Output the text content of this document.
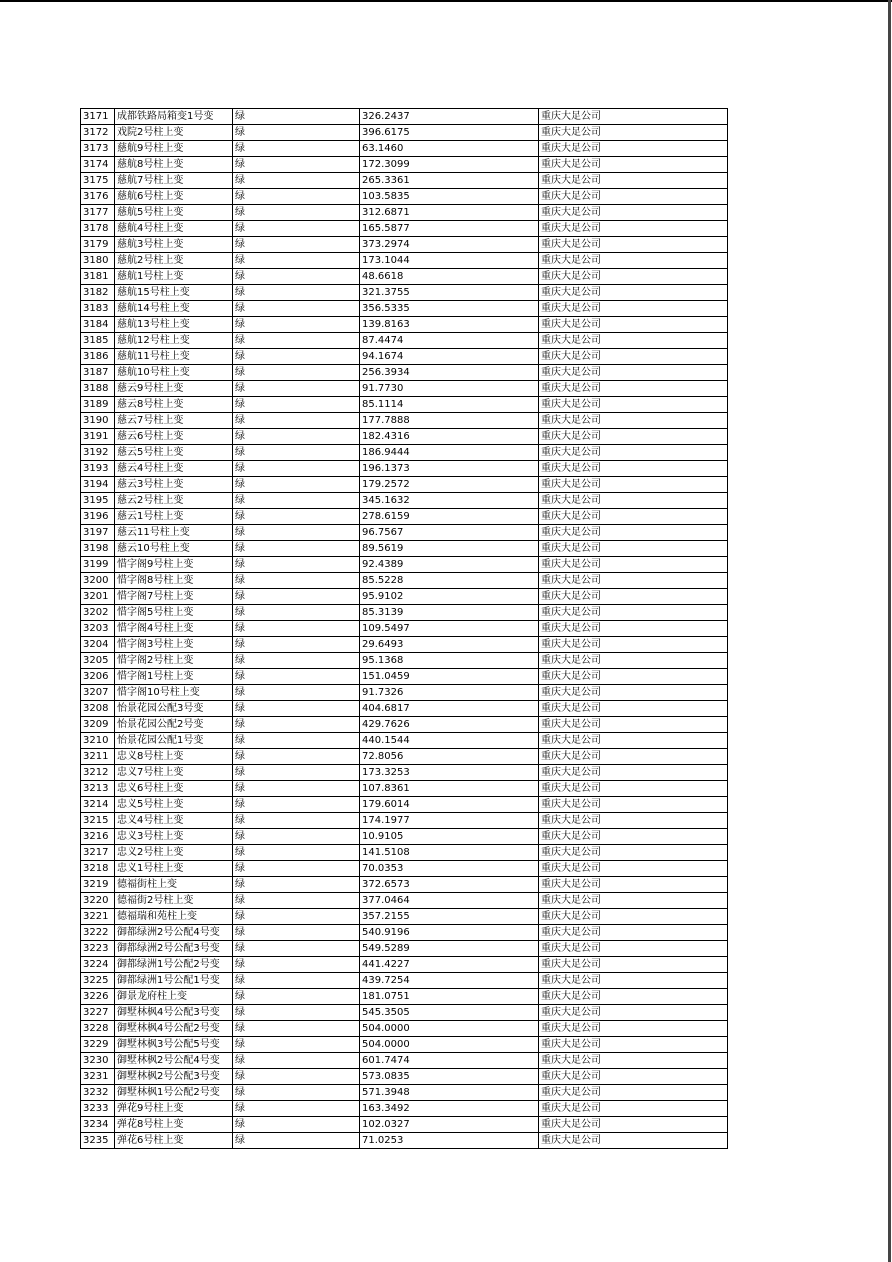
3171	成都铁路局箱变1号变	绿	326.2437	重庆大足公司
3172	戏院2号柱上变	绿	396.6175	重庆大足公司
3173	慈航9号柱上变	绿	63.1460	重庆大足公司
3174	慈航8号柱上变	绿	172.3099	重庆大足公司
3175	慈航7号柱上变	绿	265.3361	重庆大足公司
3176	慈航6号柱上变	绿	103.5835	重庆大足公司
3177	慈航5号柱上变	绿	312.6871	重庆大足公司
3178	慈航4号柱上变	绿	165.5877	重庆大足公司
3179	慈航3号柱上变	绿	373.2974	重庆大足公司
3180	慈航2号柱上变	绿	173.1044	重庆大足公司
3181	慈航1号柱上变	绿	48.6618	重庆大足公司
3182	慈航15号柱上变	绿	321.3755	重庆大足公司
3183	慈航14号柱上变	绿	356.5335	重庆大足公司
3184	慈航13号柱上变	绿	139.8163	重庆大足公司
3185	慈航12号柱上变	绿	87.4474	重庆大足公司
3186	慈航11号柱上变	绿	94.1674	重庆大足公司
3187	慈航10号柱上变	绿	256.3934	重庆大足公司
3188	慈云9号柱上变	绿	91.7730	重庆大足公司
3189	慈云8号柱上变	绿	85.1114	重庆大足公司
3190	慈云7号柱上变	绿	177.7888	重庆大足公司
3191	慈云6号柱上变	绿	182.4316	重庆大足公司
3192	慈云5号柱上变	绿	186.9444	重庆大足公司
3193	慈云4号柱上变	绿	196.1373	重庆大足公司
3194	慈云3号柱上变	绿	179.2572	重庆大足公司
3195	慈云2号柱上变	绿	345.1632	重庆大足公司
3196	慈云1号柱上变	绿	278.6159	重庆大足公司
3197	慈云11号柱上变	绿	96.7567	重庆大足公司
3198	慈云10号柱上变	绿	89.5619	重庆大足公司
3199	惜字阁9号柱上变	绿	92.4389	重庆大足公司
3200	惜字阁8号柱上变	绿	85.5228	重庆大足公司
3201	惜字阁7号柱上变	绿	95.9102	重庆大足公司
3202	惜字阁5号柱上变	绿	85.3139	重庆大足公司
3203	惜字阁4号柱上变	绿	109.5497	重庆大足公司
3204	惜字阁3号柱上变	绿	29.6493	重庆大足公司
3205	惜字阁2号柱上变	绿	95.1368	重庆大足公司
3206	惜字阁1号柱上变	绿	151.0459	重庆大足公司
3207	惜字阁10号柱上变	绿	91.7326	重庆大足公司
3208	怡景花园公配3号变	绿	404.6817	重庆大足公司
3209	怡景花园公配2号变	绿	429.7626	重庆大足公司
3210	怡景花园公配1号变	绿	440.1544	重庆大足公司
3211	忠义8号柱上变	绿	72.8056	重庆大足公司
3212	忠义7号柱上变	绿	173.3253	重庆大足公司
3213	忠义6号柱上变	绿	107.8361	重庆大足公司
3214	忠义5号柱上变	绿	179.6014	重庆大足公司
3215	忠义4号柱上变	绿	174.1977	重庆大足公司
3216	忠义3号柱上变	绿	10.9105	重庆大足公司
3217	忠义2号柱上变	绿	141.5108	重庆大足公司
3218	忠义1号柱上变	绿	70.0353	重庆大足公司
3219	德福街柱上变	绿	372.6573	重庆大足公司
3220	德福街2号柱上变	绿	377.0464	重庆大足公司
3221	德福瑞和苑柱上变	绿	357.2155	重庆大足公司
3222	御都绿洲2号公配4号变	绿	540.9196	重庆大足公司
3223	御都绿洲2号公配3号变	绿	549.5289	重庆大足公司
3224	御都绿洲1号公配2号变	绿	441.4227	重庆大足公司
3225	御都绿洲1号公配1号变	绿	439.7254	重庆大足公司
3226	御景龙府柱上变	绿	181.0751	重庆大足公司
3227	御墅林枫4号公配3号变	绿	545.3505	重庆大足公司
3228	御墅林枫4号公配2号变	绿	504.0000	重庆大足公司
3229	御墅林枫3号公配5号变	绿	504.0000	重庆大足公司
3230	御墅林枫2号公配4号变	绿	601.7474	重庆大足公司
3231	御墅林枫2号公配3号变	绿	573.0835	重庆大足公司
3232	御墅林枫1号公配2号变	绿	571.3948	重庆大足公司
3233	弹花9号柱上变	绿	163.3492	重庆大足公司
3234	弹花8号柱上变	绿	102.0327	重庆大足公司
3235	弹花6号柱上变	绿	71.0253	重庆大足公司
